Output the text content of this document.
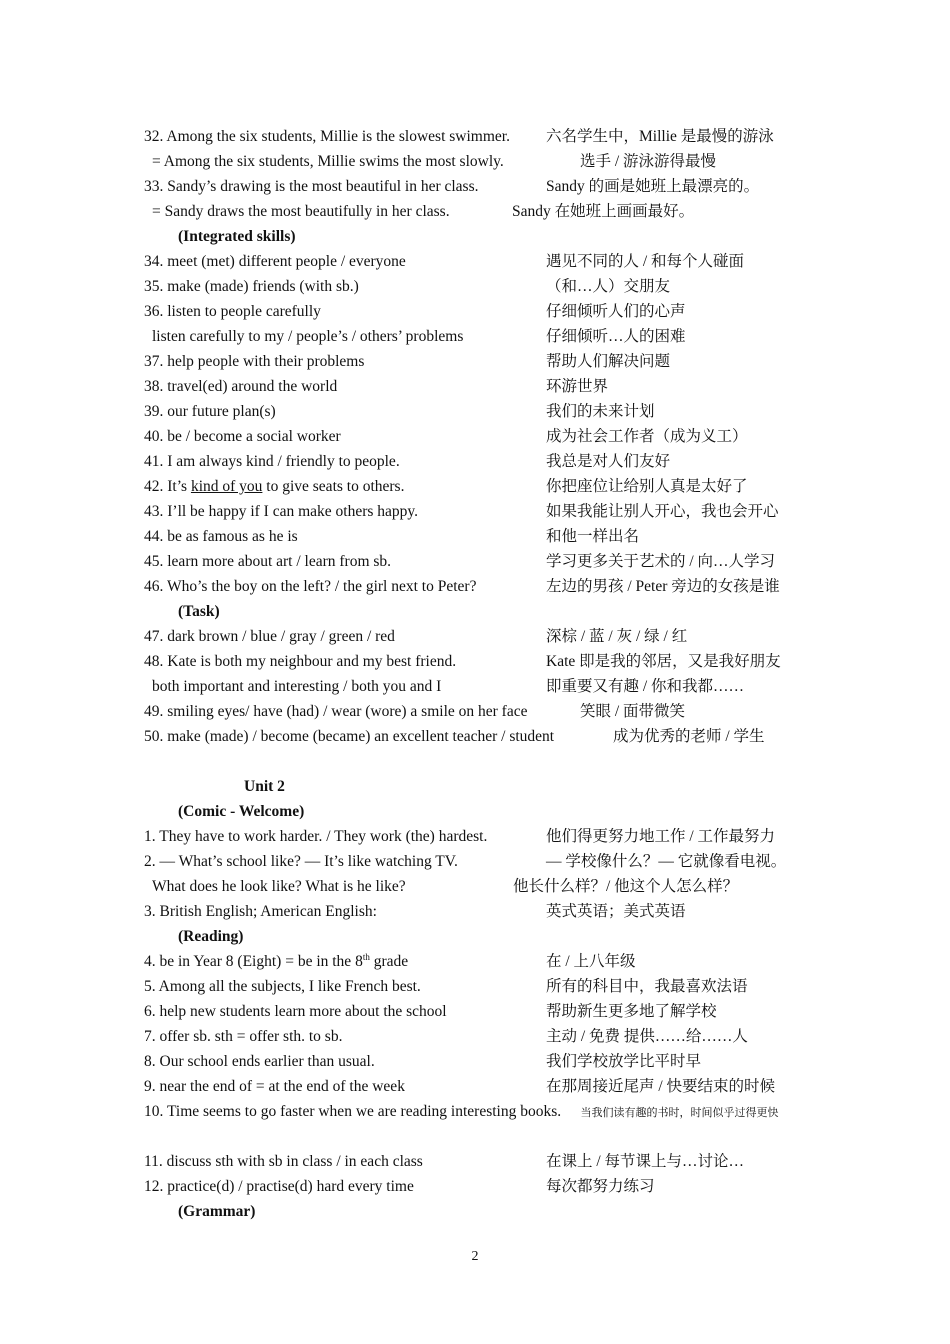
32. Among the six students, Millie is the slowest swimmer. 六名学生中，Millie 是最慢的游泳
= Among the six students, Millie swims the most slowly.	选手 / 游泳游得最慢
33. Sandy’s drawing is the most beautiful in her class.	Sandy 的画是她班上最漂亮的。
= Sandy draws the most beautifully in her class.	Sandy 在她班上画画最好。
(Integrated skills)
34. meet (met) different people / everyone	遇见不同的人 / 和每个人碰面
35. make (made) friends (with sb.)	（和…人）交朋友
36. listen to people carefully	仔细倾听人们的心声
listen carefully to my / people’s / others’ problems	仔细倾听…人的困难
37. help people with their problems	帮助人们解决问题
38. travel(ed) around the world	环游世界
39. our future plan(s)	我们的未来计划
40. be / become a social worker	成为社会工作者（成为义工）
41. I am always kind / friendly to people.	我总是对人们友好
42. It’s kind of you to give seats to others.	你把座位让给别人真是太好了
43. I’ll be happy if I can make others happy.	如果我能让别人开心，我也会开心
44. be as famous as he is	和他一样出名
45. learn more about art / learn from sb.	学习更多关于艺术的 / 向…人学习
46. Who’s the boy on the left? / the girl next to Peter?	左边的男孩 / Peter 旁边的女孩是谁
(Task)
47. dark brown / blue / gray / green / red	深棕 / 蓝 / 灰 / 绿 / 红
48. Kate is both my neighbour and my best friend.	Kate 即是我的邻居，又是我好朋友
both important and interesting / both you and I	即重要又有趣 / 你和我都……
49. smiling eyes/ have (had) / wear (wore) a smile on her face	笑眼 / 面带微笑
50. make (made) / become (became) an excellent teacher / student	成为优秀的老师 / 学生
Unit 2
(Comic - Welcome)
1. They have to work harder. / They work (the) hardest.	他们得更努力地工作 / 工作最努力
2. — What’s school like? — It’s like watching TV.	— 学校像什么？— 它就像看电视。
What does he look like? What is he like?	他长什么样？/ 他这个人怎么样？
3. British English; American English:	英式英语；美式英语
(Reading)
4. be in Year 8 (Eight) = be in the 8th grade	在 / 上八年级
5. Among all the subjects, I like French best.	所有的科目中，我最喜欢法语
6. help new students learn more about the school	帮助新生更多地了解学校
7. offer sb. sth = offer sth. to sb.	主动 / 免费 提供……给……人
8. Our school ends earlier than usual.	我们学校放学比平时早
9. near the end of = at the end of the week	在那周接近尾声 / 快要结束的时候
10. Time seems to go faster when we are reading interesting books. 当我们读有趣的书时，时间似乎过得更快
11. discuss sth with sb in class / in each class	在课上 / 每节课上与…讨论…
12. practice(d) / practise(d) hard every time	每次都努力练习
(Grammar)
2
